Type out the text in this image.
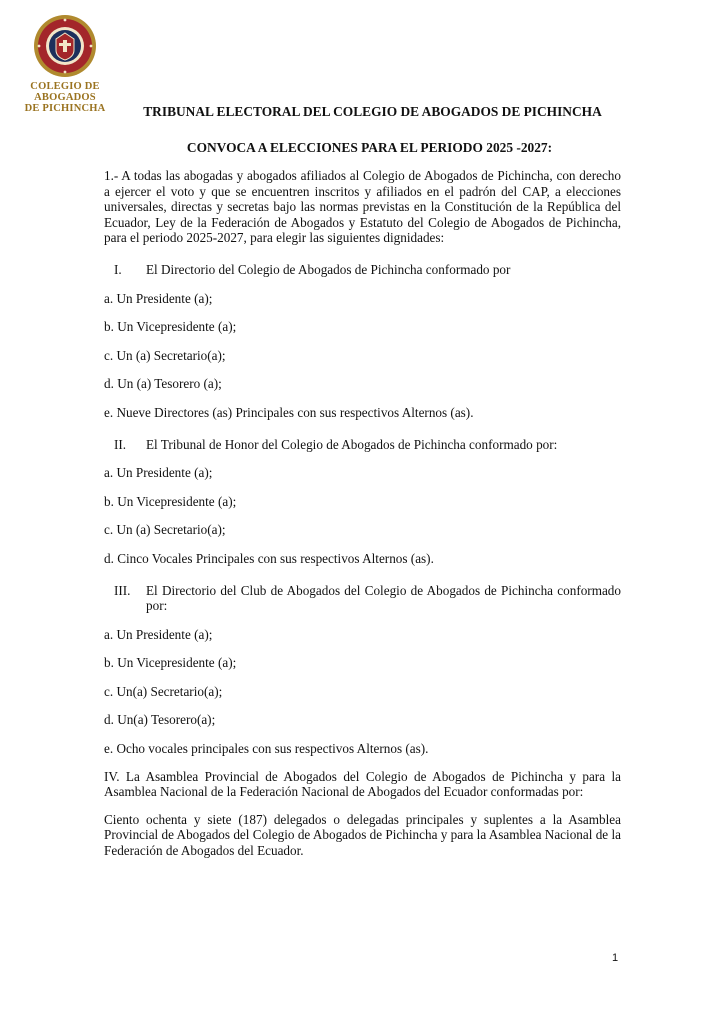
COLEGIO DE ABOGADOS
DE PICHINCHA	TRIBUNAL ELECTORAL DEL COLEGIO DE ABOGADOS DE PICHINCHA

CONVOCA A ELECCIONES PARA EL PERIODO 2025 -2027:

1.- A todas las abogadas y abogados afiliados al Colegio de Abogados de Pichincha, con derecho a ejercer el voto y que se encuentren inscritos y afiliados en el padrón del CAP, a elecciones universales, directas y secretas bajo las normas previstas en la Constitución de la República del Ecuador, Ley de la Federación de Abogados y Estatuto del Colegio de Abogados de Pichincha, para el periodo 2025-2027, para elegir las siguientes dignidades:

I.	El Directorio del Colegio de Abogados de Pichincha conformado por

a. Un Presidente (a);

b. Un Vicepresidente (a);

c. Un (a) Secretario(a);

d. Un (a) Tesorero (a);

e. Nueve Directores (as) Principales con sus respectivos Alternos (as).

II.	El Tribunal de Honor del Colegio de Abogados de Pichincha conformado por:

a. Un Presidente (a);

b. Un Vicepresidente (a);

c. Un (a) Secretario(a);

d. Cinco Vocales Principales con sus respectivos Alternos (as).

III.	El Directorio del Club de Abogados del Colegio de Abogados de Pichincha conformado por:

a. Un Presidente (a);

b. Un Vicepresidente (a);

c. Un(a) Secretario(a);

d. Un(a) Tesorero(a);

e. Ocho vocales principales con sus respectivos Alternos (as).

IV. La Asamblea Provincial de Abogados del Colegio de Abogados de Pichincha y para la Asamblea Nacional de la Federación Nacional de Abogados del Ecuador conformadas por:

Ciento ochenta y siete (187) delegados o delegadas principales y suplentes a la Asamblea Provincial de Abogados del Colegio de Abogados de Pichincha y para la Asamblea Nacional de la Federación de Abogados del Ecuador.

1
